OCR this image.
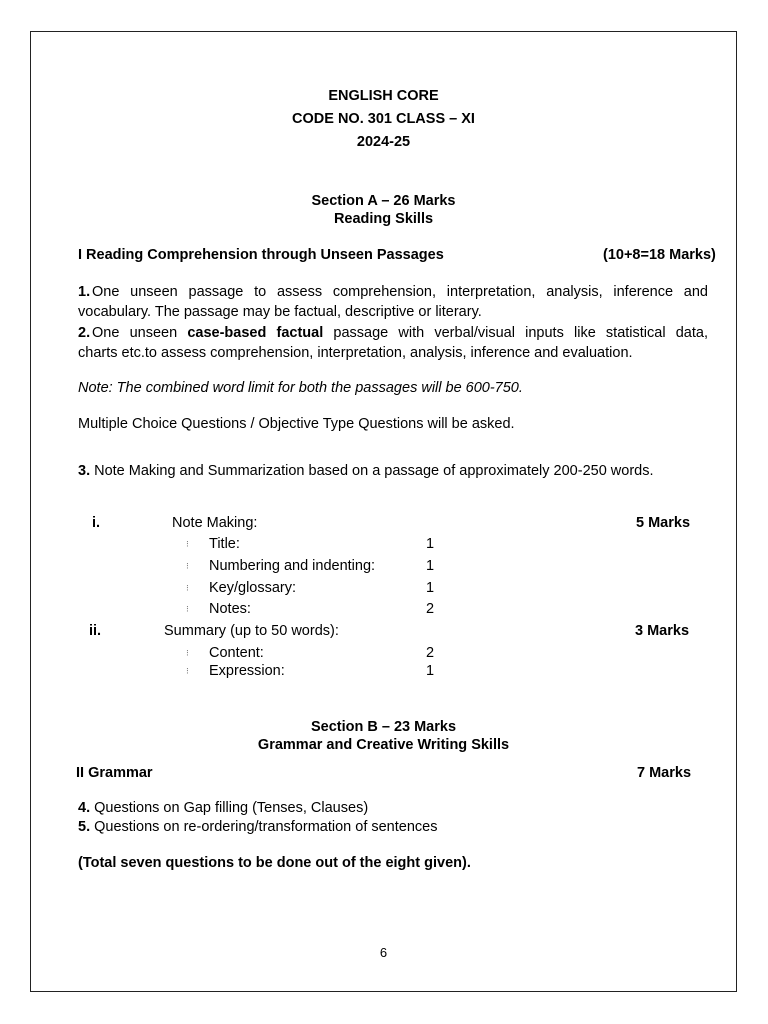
ENGLISH CORE
CODE NO. 301 CLASS – XI
2024-25
Section A – 26 Marks
Reading Skills
I Reading Comprehension through Unseen Passages	(10+8=18 Marks)
1. One unseen passage to assess comprehension, interpretation, analysis, inference and
vocabulary. The passage may be factual, descriptive or literary.
2. One unseen case-based factual passage with verbal/visual inputs like statistical data,
charts etc.to assess comprehension, interpretation, analysis, inference and evaluation.
Note: The combined word limit for both the passages will be 600-750.
Multiple Choice Questions / Objective Type Questions will be asked.
3. Note Making and Summarization based on a passage of approximately 200-250 words.
i.	Note Making:	5 Marks
⁝ Title:	1
⁝ Numbering and indenting:	1
⁝ Key/glossary:	1
⁝ Notes:	2
ii.	Summary (up to 50 words):	3 Marks
⁝ Content:	2
⁝ Expression:	1
Section B – 23 Marks
Grammar and Creative Writing Skills
II Grammar	7 Marks
4. Questions on Gap filling (Tenses, Clauses)
5. Questions on re-ordering/transformation of sentences
(Total seven questions to be done out of the eight given).
6
